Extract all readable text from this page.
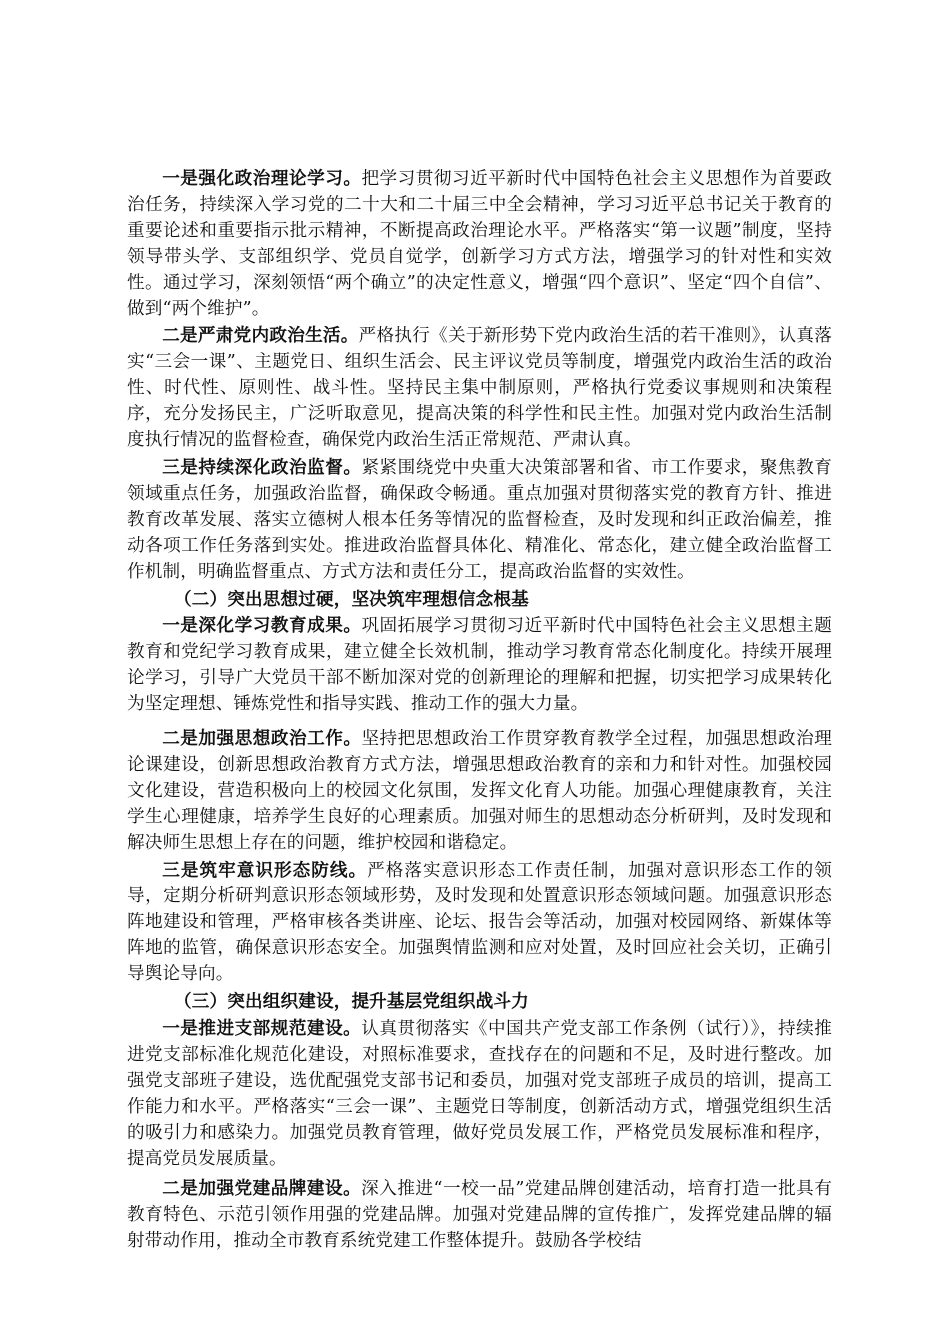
一是强化政治理论学习。把学习贯彻习近平新时代中国特色社会主义思想作为首要政治任务，持续深入学习党的二十大和二十届三中全会精神，学习习近平总书记关于教育的重要论述和重要指示批示精神，不断提高政治理论水平。严格落实“第一议题”制度，坚持领导带头学、支部组织学、党员自觉学，创新学习方式方法，增强学习的针对性和实效性。通过学习，深刻领悟“两个确立”的决定性意义，增强“四个意识”、坚定“四个自信”、做到“两个维护”。

二是严肃党内政治生活。严格执行《关于新形势下党内政治生活的若干准则》，认真落实“三会一课”、主题党日、组织生活会、民主评议党员等制度，增强党内政治生活的政治性、时代性、原则性、战斗性。坚持民主集中制原则，严格执行党委议事规则和决策程序，充分发扬民主，广泛听取意见，提高决策的科学性和民主性。加强对党内政治生活制度执行情况的监督检查，确保党内政治生活正常规范、严肃认真。

三是持续深化政治监督。紧紧围绕党中央重大决策部署和省、市工作要求，聚焦教育领域重点任务，加强政治监督，确保政令畅通。重点加强对贯彻落实党的教育方针、推进教育改革发展、落实立德树人根本任务等情况的监督检查，及时发现和纠正政治偏差，推动各项工作任务落到实处。推进政治监督具体化、精准化、常态化，建立健全政治监督工作机制，明确监督重点、方式方法和责任分工，提高政治监督的实效性。

（二）突出思想过硬，坚决筑牢理想信念根基

一是深化学习教育成果。巩固拓展学习贯彻习近平新时代中国特色社会主义思想主题教育和党纪学习教育成果，建立健全长效机制，推动学习教育常态化制度化。持续开展理论学习，引导广大党员干部不断加深对党的创新理论的理解和把握，切实把学习成果转化为坚定理想、锤炼党性和指导实践、推动工作的强大力量。

二是加强思想政治工作。坚持把思想政治工作贯穿教育教学全过程，加强思想政治理论课建设，创新思想政治教育方式方法，增强思想政治教育的亲和力和针对性。加强校园文化建设，营造积极向上的校园文化氛围，发挥文化育人功能。加强心理健康教育，关注学生心理健康，培养学生良好的心理素质。加强对师生的思想动态分析研判，及时发现和解决师生思想上存在的问题，维护校园和谐稳定。

三是筑牢意识形态防线。严格落实意识形态工作责任制，加强对意识形态工作的领导，定期分析研判意识形态领域形势，及时发现和处置意识形态领域问题。加强意识形态阵地建设和管理，严格审核各类讲座、论坛、报告会等活动，加强对校园网络、新媒体等阵地的监管，确保意识形态安全。加强舆情监测和应对处置，及时回应社会关切，正确引导舆论导向。

（三）突出组织建设，提升基层党组织战斗力

一是推进支部规范建设。认真贯彻落实《中国共产党支部工作条例（试行）》，持续推进党支部标准化规范化建设，对照标准要求，查找存在的问题和不足，及时进行整改。加强党支部班子建设，选优配强党支部书记和委员，加强对党支部班子成员的培训，提高工作能力和水平。严格落实“三会一课”、主题党日等制度，创新活动方式，增强党组织生活的吸引力和感染力。加强党员教育管理，做好党员发展工作，严格党员发展标准和程序，提高党员发展质量。

二是加强党建品牌建设。深入推进“一校一品”党建品牌创建活动，培育打造一批具有教育特色、示范引领作用强的党建品牌。加强对党建品牌的宣传推广，发挥党建品牌的辐射带动作用，推动全市教育系统党建工作整体提升。鼓励各学校结
